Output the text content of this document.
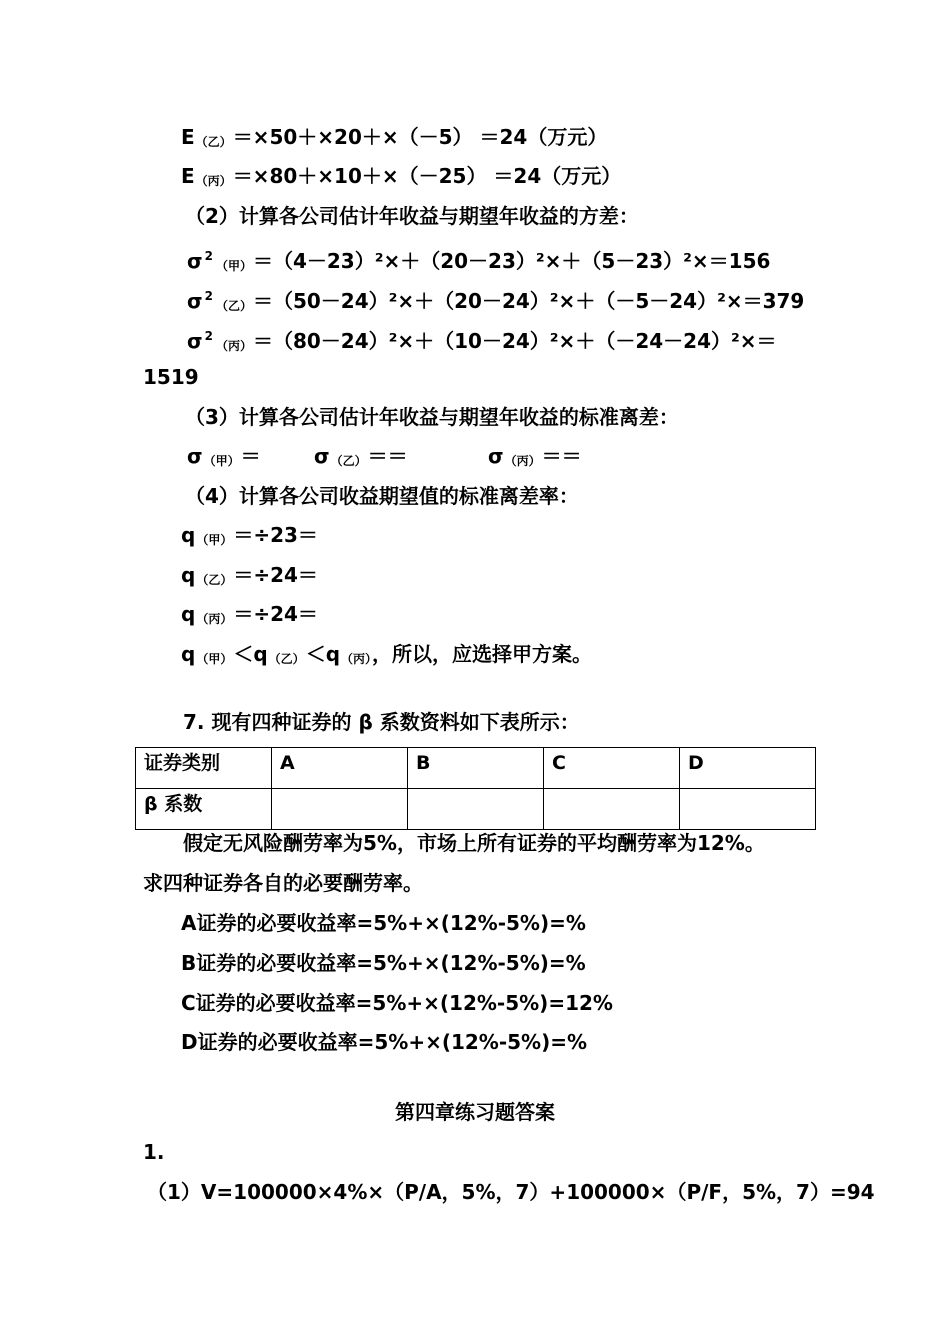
E（乙）＝×50＋×20＋×（－5） ＝24（万元）
E（丙）＝×80＋×10＋×（－25） ＝24（万元）
（2）计算各公司估计年收益与期望年收益的方差：
σ $^2$（甲）＝（4－23）²×＋（20－23）²×＋（5－23）²×＝156
σ $^2$（乙）＝（50－24）²×＋（20－24）²×＋（－5－24）²×＝379
σ $^2$（丙）＝（80－24）²×＋（10－24）²×＋（－24－24）²×＝
1519
（3）计算各公司估计年收益与期望年收益的标准离差：
σ（甲）＝	σ（乙）＝＝	σ（丙）＝＝
（4）计算各公司收益期望值的标准离差率：
q（甲）＝÷23＝
q（乙）＝÷24＝
q（丙）＝÷24＝
q（甲）＜q（乙）＜q（丙），所以，应选择甲方案。
7. 现有四种证券的 β 系数资料如下表所示：
证券类别	A	B	C	D
β 系数				
假定无风险酬劳率为5%，市场上所有证券的平均酬劳率为12%。
求四种证券各自的必要酬劳率。
A证券的必要收益率=5%+×(12%-5%)=%
B证券的必要收益率=5%+×(12%-5%)=%
C证券的必要收益率=5%+×(12%-5%)=12%
D证券的必要收益率=5%+×(12%-5%)=%
第四章练习题答案
1.
（1）V=100000×4%×（P/A，5%，7）+100000×（P/F，5%，7）=94
